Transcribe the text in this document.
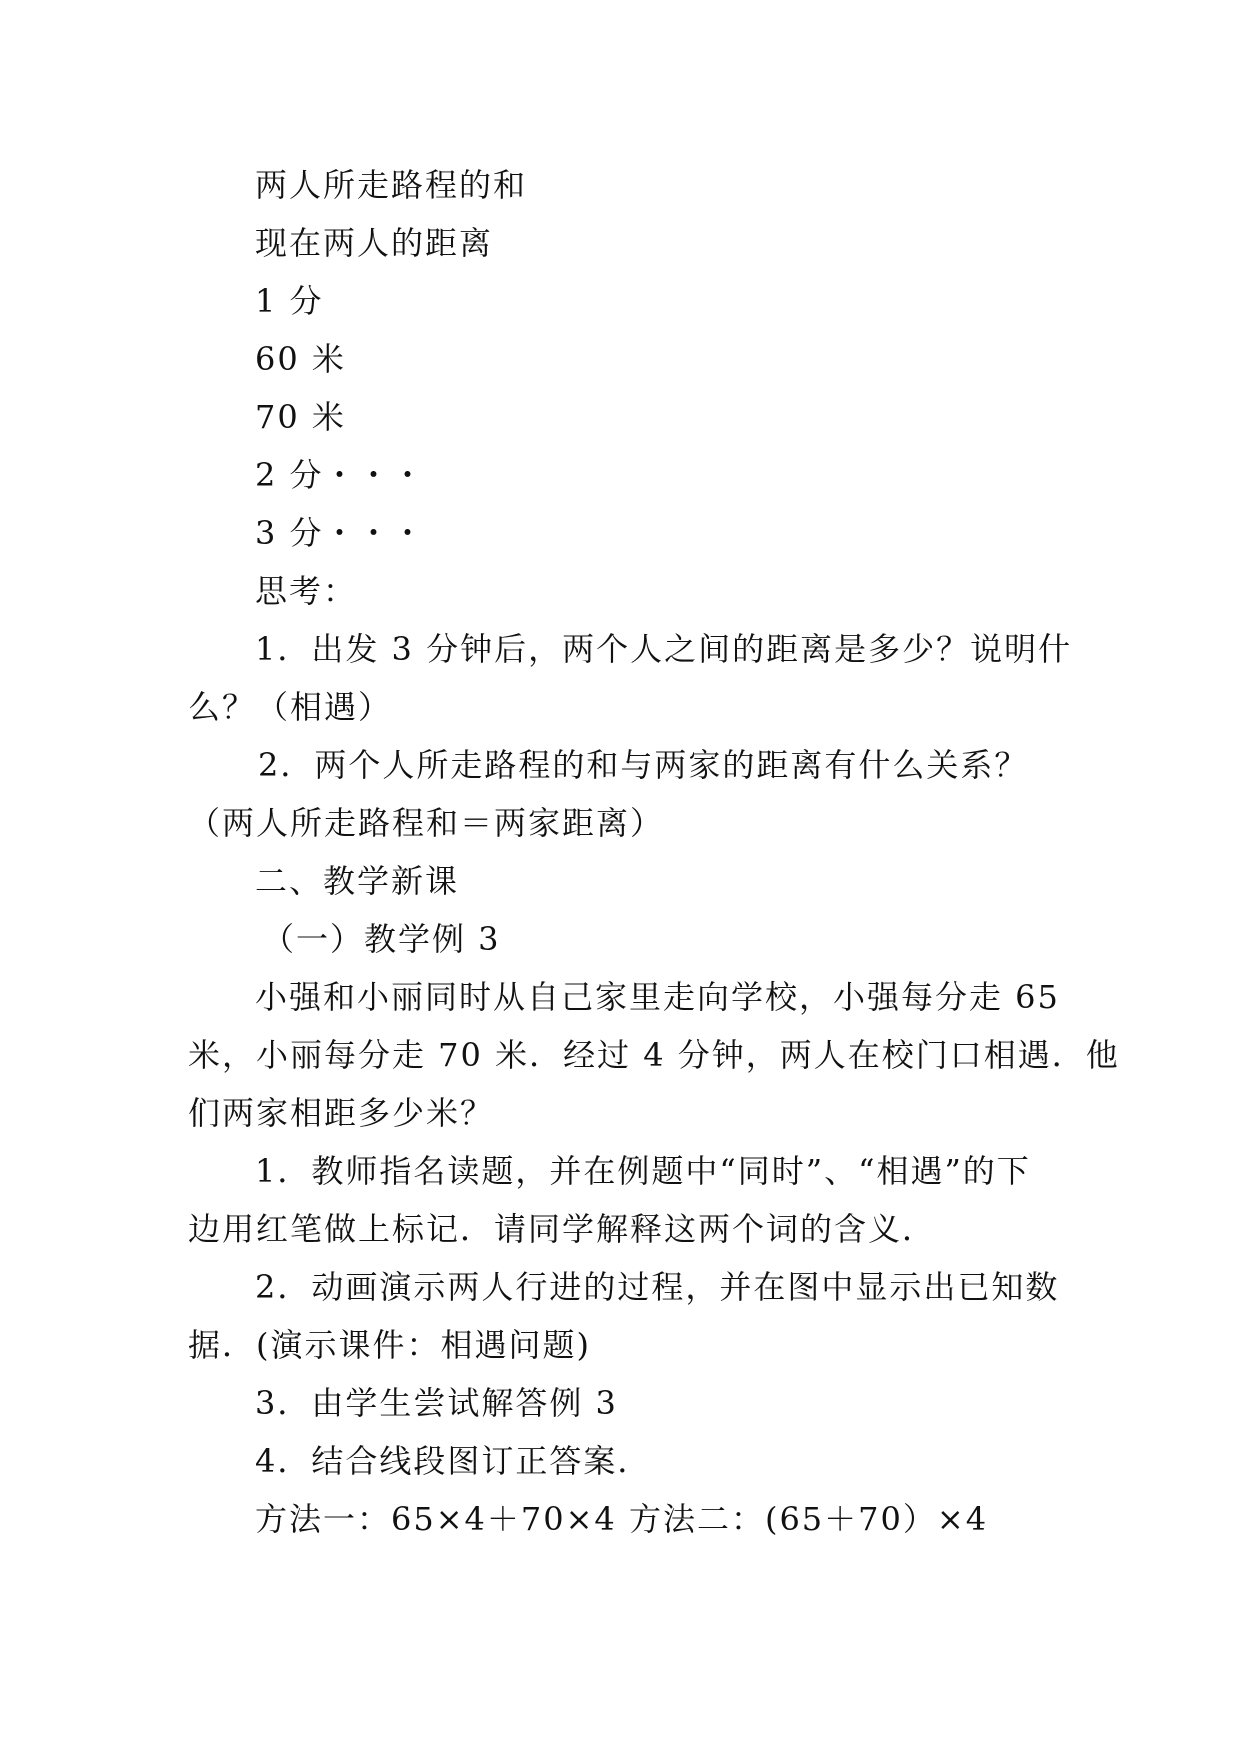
两人所走路程的和

现在两人的距离

1 分

60 米

70 米

2 分・・・

3 分・・・

思考：

1．出发 3 分钟后，两个人之间的距离是多少？说明什

么？（相遇）

2．两个人所走路程的和与两家的距离有什么关系？

（两人所走路程和＝两家距离）

二、教学新课

（一）教学例 3

小强和小丽同时从自己家里走向学校，小强每分走 65

米，小丽每分走 70 米．经过 4 分钟，两人在校门口相遇．他

们两家相距多少米？

1．教师指名读题，并在例题中“同时”、“相遇”的下

边用红笔做上标记．请同学解释这两个词的含义．

2．动画演示两人行进的过程，并在图中显示出已知数

据．(演示课件：相遇问题)

3．由学生尝试解答例 3

4．结合线段图订正答案．

方法一：65×4＋70×4 方法二：(65＋70）×4
